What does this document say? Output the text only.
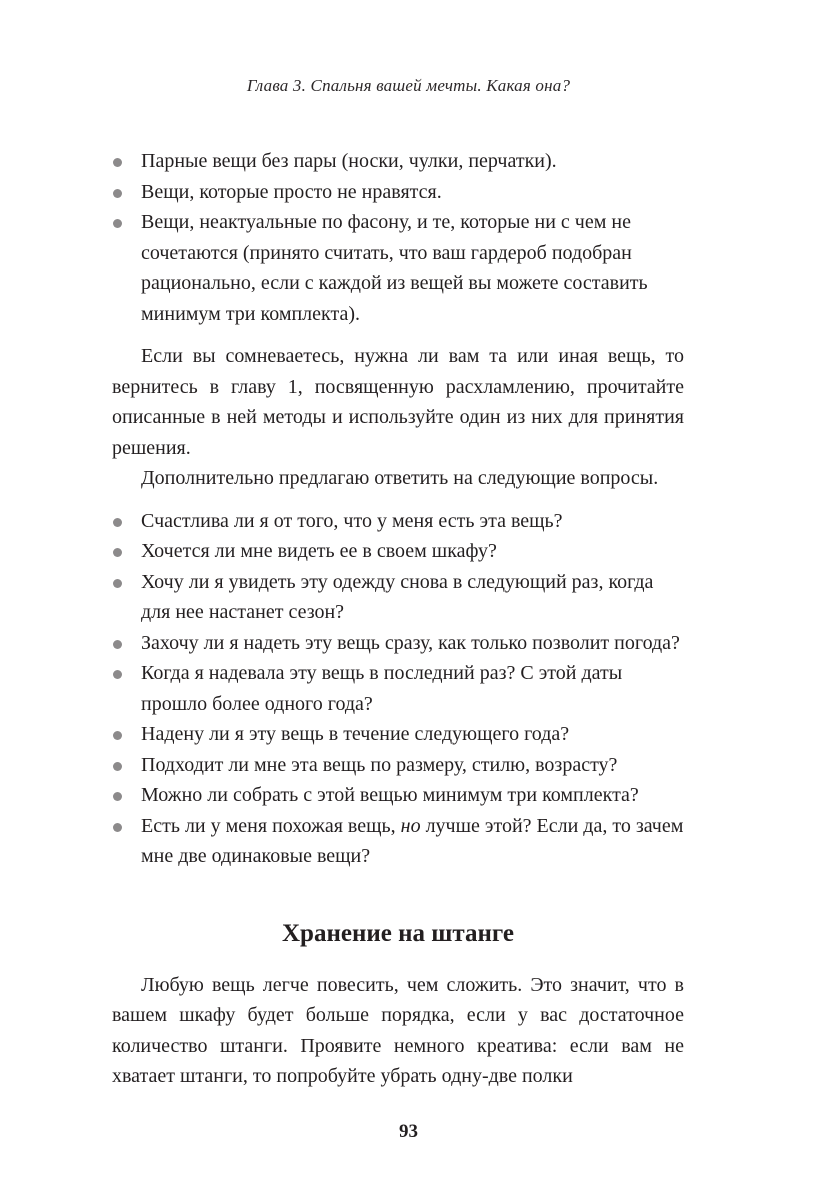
Глава 3. Спальня вашей мечты. Какая она?
Парные вещи без пары (носки, чулки, перчатки).
Вещи, которые просто не нравятся.
Вещи, неактуальные по фасону, и те, которые ни с чем не сочетаются (принято считать, что ваш гардероб подобран рационально, если с каждой из вещей вы можете составить минимум три комплекта).

Если вы сомневаетесь, нужна ли вам та или иная вещь, то вернитесь в главу 1, посвященную расхламлению, прочитайте описанные в ней методы и используйте один из них для принятия решения.

Дополнительно предлагаю ответить на следующие вопросы.

Счастлива ли я от того, что у меня есть эта вещь?
Хочется ли мне видеть ее в своем шкафу?
Хочу ли я увидеть эту одежду снова в следующий раз, когда для нее настанет сезон?
Захочу ли я надеть эту вещь сразу, как только позволит погода?
Когда я надевала эту вещь в последний раз? С этой даты прошло более одного года?
Надену ли я эту вещь в течение следующего года?
Подходит ли мне эта вещь по размеру, стилю, возрасту?
Можно ли собрать с этой вещью минимум три комплекта?
Есть ли у меня похожая вещь, но лучше этой? Если да, то зачем мне две одинаковые вещи?
Хранение на штанге

Любую вещь легче повесить, чем сложить. Это значит, что в вашем шкафу будет больше порядка, если у вас достаточное количество штанги. Проявите немного креатива: если вам не хватает штанги, то попробуйте убрать одну-две полки

93
